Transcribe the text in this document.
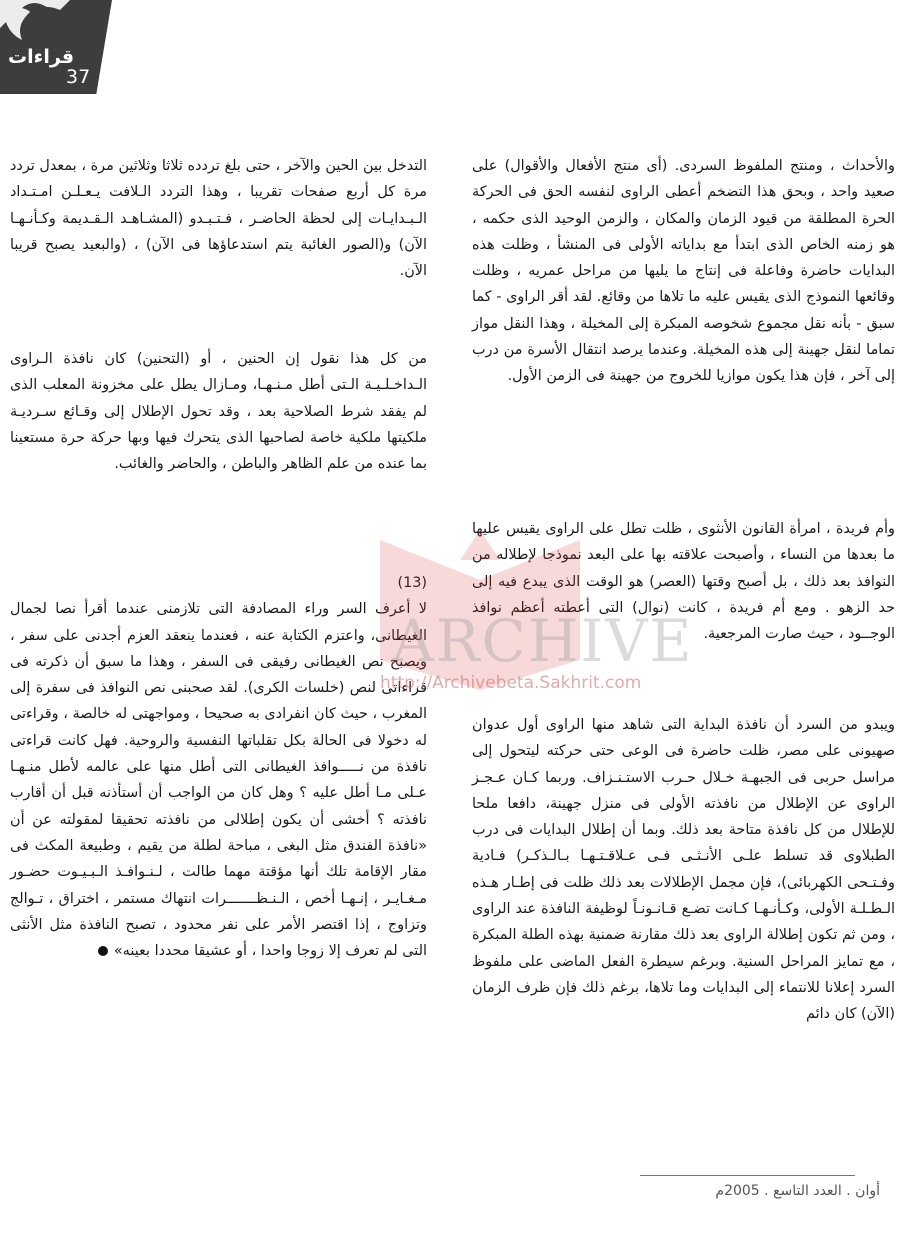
قراءات
37

والأحداث ، ومنتج الملفوظ السردى. (أى منتج الأفعال والأقوال) على صعيد واحد ، وبحق هذا التضخم أعطى الراوى لنفسه الحق فى الحركة الحرة المطلقة من قيود الزمان والمكان ، والزمن الوحيد الذى حكمه ، هو زمنه الخاص الذى ابتدأ مع بداياته الأولى فى المنشأ ، وظلت هذه البدايات حاضرة وفاعلة فى إنتاج ما يليها من مراحل عمريه ، وظلت وقائعها النموذج الذى يقيس عليه ما تلاها من وقائع. لقد أقر الراوى - كما سبق - بأنه نقل مجموع شخوصه المبكرة إلى المخيلة ، وهذا النقل مواز تماما لنقل جهينة إلى هذه المخيلة. وعندما يرصد انتقال الأسرة من درب إلى آخر ، فإن هذا يكون موازيا للخروج من جهينة فى الزمن الأول.

وأم فريدة ، امرأة القانون الأنثوى ، ظلت تطل على الراوى يقيس عليها ما بعدها من النساء ، وأصبحت علاقته بها على البعد نموذجا لإطلاله من النوافذ بعد ذلك ، بل أصبح وقتها (العصر) هو الوقت الذى يبدع فيه إلى حد الزهو . ومع أم فريدة ، كانت (نوال) التى أعطته أعظم نوافذ الوجــود ، حيث صارت المرجعية.

ويبدو من السرد أن نافذة البداية التى شاهد منها الراوى أول عدوان صهيونى على مصر، ظلت حاضرة فى الوعى حتى حركته ليتحول إلى مراسل حربى فى الجبهـة خـلال حـرب الاستـنـزاف. وربما كـان عـجـز الراوى عن الإطلال من نافذته الأولى فى منزل جهينة، دافعا ملحا للإطلال من كل نافذة متاحة بعد ذلك. وبما أن إطلال البدايات فى درب الطبلاوى قد تسلط علـى الأنـثـى فـى عـلاقـتـهـا بـالـذكـر) فـادية وفـتـحى الكهربائى)، فإن مجمل الإطلالات بعد ذلك ظلت فى إطـار هـذه الـطـلـة الأولى، وكـأنـهـا كـانت تضـع قـانـونـاً لوظيفة النافذة عند الراوى ، ومن ثم تكون إطلالة الراوى بعد ذلك مقارنة ضمنية بهذه الطلة المبكرة ، مع تمايز المراحل السنية. وبرغم سيطرة الفعل الماضى على ملفوظ السرد إعلانا للانتماء إلى البدايات وما تلاها، برغم ذلك فإن ظرف الزمان (الآن) كان دائم

التدخل بين الحين والآخر ، حتى بلغ تردده ثلاثا وثلاثين مرة ، بمعدل تردد مرة كل أربع صفحات تقريبا ، وهذا التردد الـلافت يـعـلـن امـتـداد الـبـدايـات إلى لحظة الحاضـر ، فـتـبـدو (المشـاهـد الـقـديمة وكـأنـهـا الآن) و(الصور الغائبة يتم استدعاؤها فى الآن) ، (والبعيد يصبح قريبا الآن.

من كل هذا نقول إن الحنين ، أو (التحنين) كان نافذة الـراوى الـداخـلـيـة الـتى أطل مـنـهـا، ومـازال يطل على مخزونة المعلب الذى لم يفقد شرط الصلاحية بعد ، وقد تحول الإطلال إلى وقـائع سـرديـة ملكيتها ملكية خاصة لصاحبها الذى يتحرك فيها وبها حركة حرة مستعينا بما عنده من علم الظاهر والباطن ، والحاضر والغائب.

(13)

لا أعرف السر وراء المصادفة التى تلازمنى عندما أقرأ نصا لجمال الغيطانى، واعتزم الكتابة عنه ، فعندما ينعقد العزم أجدنى على سفر ، ويصبح نص الغيطانى رفيقى فى السفر ، وهذا ما سبق أن ذكرته فى قراءاتى لنص (خلسات الكرى). لقد صحبنى نص النوافذ فى سفرة إلى المغرب ، حيث كان انفرادى به صحيحا ، ومواجهتى له خالصة ، وقراءتى له دخولا فى الحالة بكل تقلباتها النفسية والروحية. فهل كانت قراءتى نافذة من نـــــوافذ الغيطانى التى أطل منها على عالمه لأطل منـهـا عـلى مـا أطل عليه ؟ وهل كان من الواجب أن أستأذنه قبل أن أقارب نافذته ؟ أخشى أن يكون إطلالى من نافذته تحقيقا لمقولته عن أن «نافذة الفندق مثل البغى ، مباحة لطلة من يقيم ، وطبيعة المكث فى مقار الإقامة تلك أنها مؤقتة مهما طالت ، لـنـوافـذ الـبـيـوت حضـور مـغـايـر ، إنـهـا أخص ، الـنـظـــــــرات انتهاك مستمر ، اختراق ، تـوالج وتزاوج ، إذا اقتصر الأمر على نفر محدود ، تصبح النافذة مثل الأنثى التى لم تعرف إلا زوجا واحدا ، أو عشيقا محددا بعينه»

ARCHIVE
http://Archivebeta.Sakhrit.com
أوان . العدد التاسع . 2005م
